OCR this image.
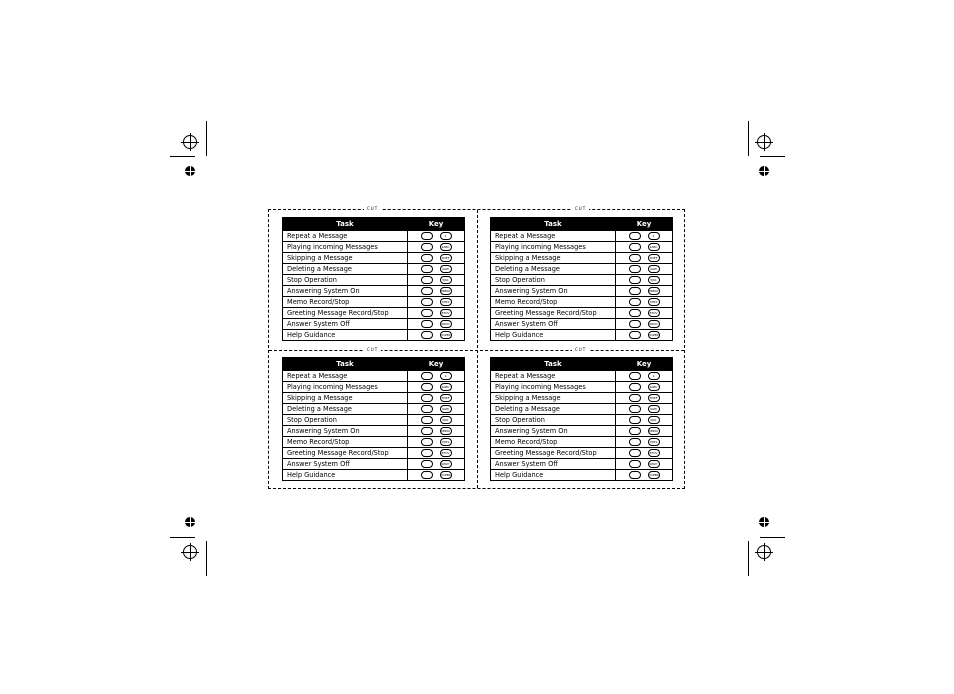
CUT	CUT
CUT	CUT
Task	Key
Repeat a Message	1

Playing incoming Messages	2ABC

Skipping a Message	3DEF

Deleting a Message	4GHI

Stop Operation	5JKL

Answering System On	6MNO

Memo Record/Stop	7PRS

Greeting Message Record/Stop	8TUV

Answer System Off	9WXY

Help Guidance	0OPER
Task	Key
Repeat a Message	1

Playing incoming Messages	2ABC

Skipping a Message	3DEF

Deleting a Message	4GHI

Stop Operation	5JKL

Answering System On	6MNO

Memo Record/Stop	7PRS

Greeting Message Record/Stop	8TUV

Answer System Off	9WXY

Help Guidance	0OPER
Task	Key
Repeat a Message	1

Playing incoming Messages	2ABC

Skipping a Message	3DEF

Deleting a Message	4GHI

Stop Operation	5JKL

Answering System On	6MNO

Memo Record/Stop	7PRS

Greeting Message Record/Stop	8TUV

Answer System Off	9WXY

Help Guidance	0OPER
Task	Key
Repeat a Message	1

Playing incoming Messages	2ABC

Skipping a Message	3DEF

Deleting a Message	4GHI

Stop Operation	5JKL

Answering System On	6MNO

Memo Record/Stop	7PRS

Greeting Message Record/Stop	8TUV

Answer System Off	9WXY

Help Guidance	0OPER
